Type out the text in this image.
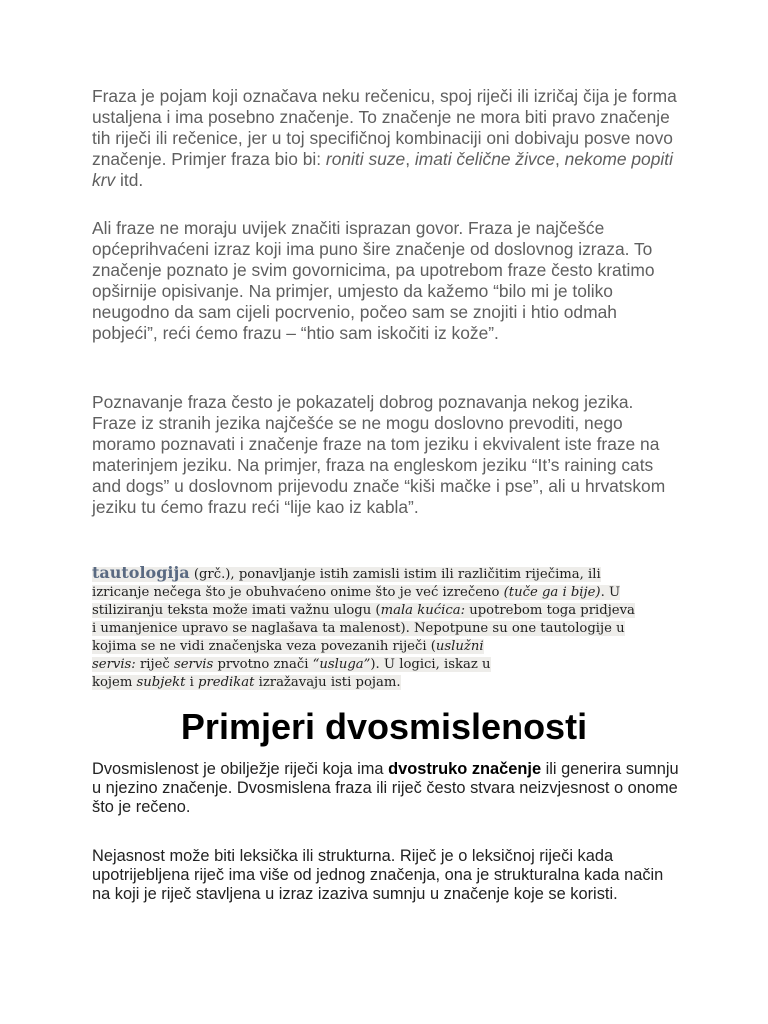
Fraza je pojam koji označava neku rečenicu, spoj riječi ili izričaj čija je forma ustaljena i ima posebno značenje. To značenje ne mora biti pravo značenje tih riječi ili rečenice, jer u toj specifičnoj kombinaciji oni dobivaju posve novo značenje. Primjer fraza bio bi: roniti suze, imati čelične živce, nekome popiti krv itd.

Ali fraze ne moraju uvijek značiti isprazan govor. Fraza je najčešće općeprihvaćeni izraz koji ima puno šire značenje od doslovnog izraza. To značenje poznato je svim govornicima, pa upotrebom fraze često kratimo opširnije opisivanje. Na primjer, umjesto da kažemo “bilo mi je toliko neugodno da sam cijeli pocrvenio, počeo sam se znojiti i htio odmah pobjeći”, reći ćemo frazu – “htio sam iskočiti iz kože”.

Poznavanje fraza često je pokazatelj dobrog poznavanja nekog jezika. Fraze iz stranih jezika najčešće se ne mogu doslovno prevoditi, nego moramo poznavati i značenje fraze na tom jeziku i ekvivalent iste fraze na materinjem jeziku. Na primjer, fraza na engleskom jeziku “It’s raining cats and dogs” u doslovnom prijevodu znače “kiši mačke i pse”, ali u hrvatskom jeziku tu ćemo frazu reći “lije kao iz kabla”.

tautologija (grč.), ponavljanje istih zamisli istim ili različitim riječima, ili
izricanje nečega što je obuhvaćeno onime što je već izrečeno (tuče ga i bije). U
stiliziranju teksta može imati važnu ulogu (mala kućica: upotrebom toga pridjeva
i umanjenice upravo se naglašava ta malenost). Nepotpune su one tautologije u
kojima se ne vidi značenjska veza povezanih riječi (uslužni
servis: riječ servis prvotno znači “usluga”). U logici, iskaz u
kojem subjekt i predikat izražavaju isti pojam.
Primjeri dvosmislenosti

Dvosmislenost je obilježje riječi koja ima dvostruko značenje ili generira sumnju u njezino značenje. Dvosmislena fraza ili riječ često stvara neizvjesnost o onome što je rečeno.

Nejasnost može biti leksička ili strukturna. Riječ je o leksičnoj riječi kada upotrijebljena riječ ima više od jednog značenja, ona je strukturalna kada način na koji je riječ stavljena u izraz izaziva sumnju u značenje koje se koristi.
